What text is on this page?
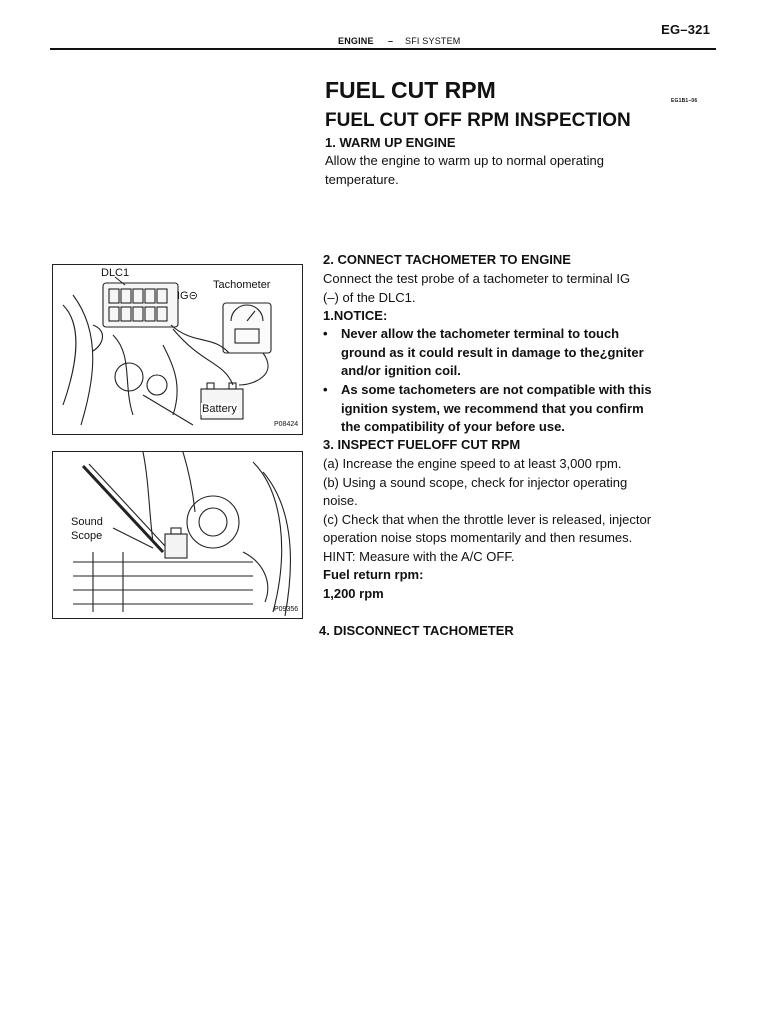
EG–321
ENGINE – SFI SYSTEM
FUEL CUT RPM	EG1B1–06
FUEL CUT OFF RPM INSPECTION
1. WARM UP ENGINE
Allow the engine to warm up to normal operating
temperature.
2. CONNECT TACHOMETER TO ENGINE
Connect the test probe of a tachometer to terminal IG
(–) of the DLC1.
1.NOTICE:
• Never allow the tachometer terminal to touch
ground as it could result in damage to the¿gniter
and/or ignition coil.
• As some tachometers are not compatible with this
ignition system, we recommend that you confirm
the compatibility of your before use.
3. INSPECT FUELOFF CUT RPM
(a) Increase the engine speed to at least 3,000 rpm.
(b) Using a sound scope, check for injector operating
noise.
(c) Check that when the throttle lever is released, injector
operation noise stops momentarily and then resumes.
HINT: Measure with the A/C OFF.
Fuel return rpm:
1,200 rpm
4. DISCONNECT TACHOMETER
DLC1
IG⊝
Tachometer
Battery
P08424
Sound
Scope
P09356
